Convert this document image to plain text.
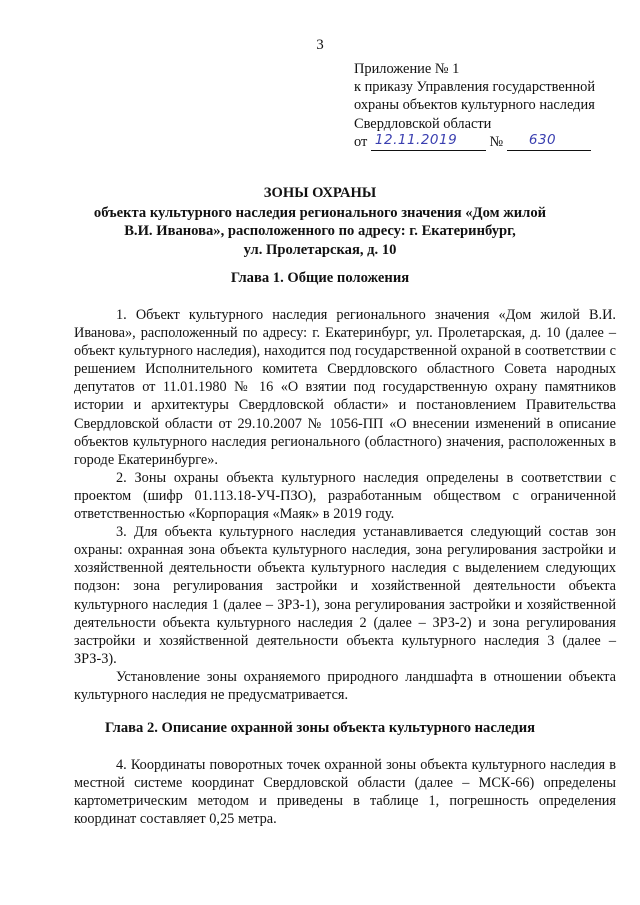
3
Приложение № 1
к приказу Управления государственной
охраны объектов культурного наследия
Свердловской области
от 12.11.2019 № 630
ЗОНЫ ОХРАНЫ
объекта культурного наследия регионального значения «Дом жилой
В.И. Иванова», расположенного по адресу: г. Екатеринбург,
ул. Пролетарская, д. 10
Глава 1. Общие положения

1. Объект культурного наследия регионального значения «Дом жилой В.И. Иванова», расположенный по адресу: г. Екатеринбург, ул. Пролетарская, д. 10 (далее – объект культурного наследия), находится под государственной охраной в соответствии с решением Исполнительного комитета Свердловского областного Совета народных депутатов от 11.01.1980 № 16 «О взятии под государственную охрану памятников истории и архитектуры Свердловской области» и постановлением Правительства Свердловской области от 29.10.2007 № 1056-ПП «О внесении изменений в описание объектов культурного наследия регионального (областного) значения, расположенных в городе Екатеринбурге».

2. Зоны охраны объекта культурного наследия определены в соответствии с проектом (шифр 01.113.18-УЧ-ПЗО), разработанным обществом с ограниченной ответственностью «Корпорация «Маяк» в 2019 году.

3. Для объекта культурного наследия устанавливается следующий состав зон охраны: охранная зона объекта культурного наследия, зона регулирования застройки и хозяйственной деятельности объекта культурного наследия с выделением следующих подзон: зона регулирования застройки и хозяйственной деятельности объекта культурного наследия 1 (далее – ЗРЗ-1), зона регулирования застройки и хозяйственной деятельности объекта культурного наследия 2 (далее – ЗРЗ-2) и зона регулирования застройки и хозяйственной деятельности объекта культурного наследия 3 (далее – ЗРЗ-3).

Установление зоны охраняемого природного ландшафта в отношении объекта культурного наследия не предусматривается.

Глава 2. Описание охранной зоны объекта культурного наследия

4. Координаты поворотных точек охранной зоны объекта культурного наследия в местной системе координат Свердловской области (далее – МСК-66) определены картометрическим методом и приведены в таблице 1, погрешность определения координат составляет 0,25 метра.
